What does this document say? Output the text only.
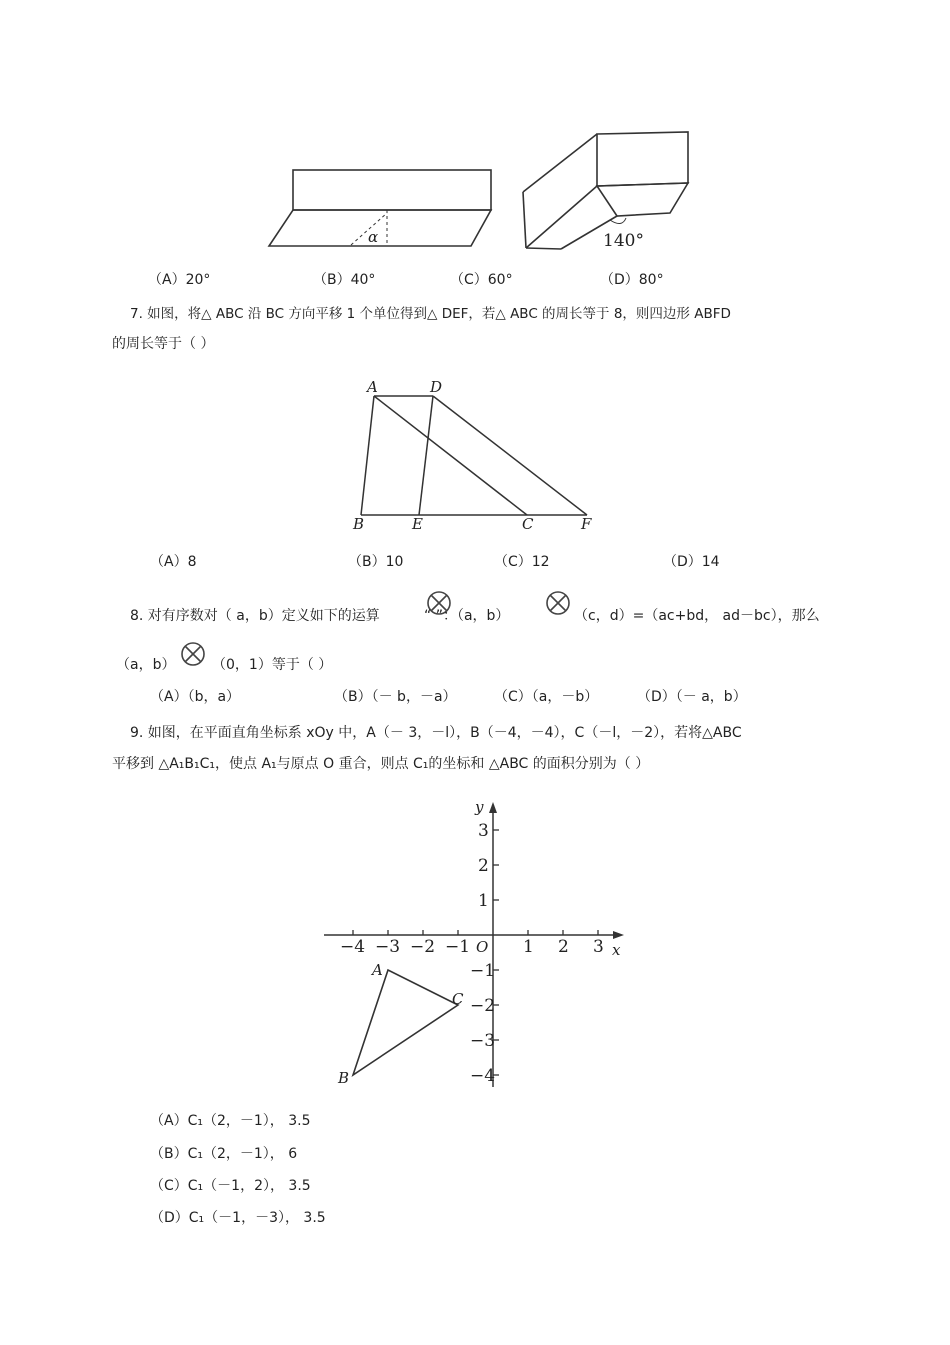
α	140°
（A）20°	（B）40°	（C）60°	（D）80°
7. 如图，将△ ABC 沿 BC 方向平移 1 个单位得到△ DEF，若△ ABC 的周长等于 8，则四边形 ABFD
的周长等于（ ）
A	D
B	E	C	F
（A）8	（B）10	（C）12	（D）14
8. 对有序数对（ a，b）定义如下的运算	“ ”：（a，b）	（c，d）=（ac+bd， ad－bc），那么
（a，b）	（0，1）等于（ ）
（A）（b，a）	（B）（－ b，－a）	（C）（a，－b）	（D）（－ a，b）
9. 如图，在平面直角坐标系 xOy 中，A（－ 3，－l），B（－4，－4），C（－l，－2），若将△ABC
平移到 △A₁B₁C₁，使点 A₁与原点 O 重合，则点 C₁的坐标和 △ABC 的面积分别为（ ）
−4 −3 −2 −1	1 2 3 x
3
2
1
−1
−2
−3
−4
y
O
A
B
C
（A）C₁（2，－1）， 3.5
（B）C₁（2，－1）， 6
（C）C₁（－1，2）， 3.5
（D）C₁（－1，－3）， 3.5
